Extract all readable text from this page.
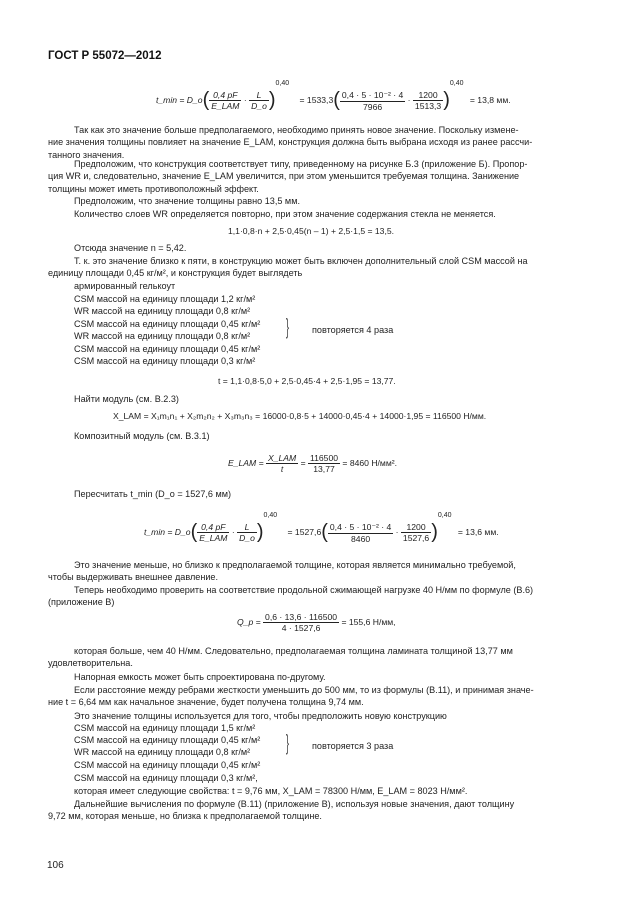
ГОСТ Р 55072—2012
t_min = D_o( $\frac{0,4 pF}{\text{E\_LAM}} \cdot \frac{L}{D\_o} )^{0,40} = 1533,3( \frac{\text{0,4 · 5 · 10⁻² · 4}}{7966} \cdot \frac{1200}{1513,3} )^{0,40} = 13,8$ мм.
Так как это значение больше предполагаемого, необходимо принять новое значение. Поскольку измене-
ние значения толщины повлияет на значение E_LAM, конструкция должна быть выбрана исходя из ранее рассчи-
танного значения.
Предположим, что конструкция соответствует типу, приведенному на рисунке Б.3 (приложение Б). Пропор-
ция WR и, следовательно, значение E_LAM увеличится, при этом уменьшится требуемая толщина. Занижение
толщины может иметь противоположный эффект.
Предположим, что значение толщины равно 13,5 мм.
Количество слоев WR определяется повторно, при этом значение содержания стекла не меняется.
1,1·0,8·n + 2,5·0,45(n – 1) + 2,5·1,5 = 13,5.
Отсюда значение n = 5,42.
Т. к. это значение близко к пяти, в конструкцию может быть включен дополнительный слой CSM массой на
единицу площади 0,45 кг/м², и конструкция будет выглядеть
армированный гелькоут
CSM массой на единицу площади 1,2 кг/м²
WR массой на единицу площади 0,8 кг/м²
CSM массой на единицу площади 0,45 кг/м²
WR массой на единицу площади 0,8 кг/м²
CSM массой на единицу площади 0,45 кг/м²
CSM массой на единицу площади 0,3 кг/м²
}	повторяется 4 раза
t = 1,1·0,8·5,0 + 2,5·0,45·4 + 2,5·1,95 = 13,77.
Найти модуль (см. В.2.3)
X_LAM = X₁m₁n₁ + X₂m₂n₂ + X₃m₃n₃ = 16000·0,8·5 + 14000·0,45·4 + 14000·1,95 = 116500 Н/мм.
Композитный модуль (см. В.3.1)
E_LAM = $\frac{\text{X\_LAM}}{t} = \frac{116500}{13,77} = 8460$ Н/мм².
Пересчитать t_min (D_o = 1527,6 мм)
t_min = D_o( $\frac{0,4 pF}{\text{E\_LAM}} \cdot \frac{L}{D\_o} )^{0,40} = 1527,6( \frac{\text{0,4 · 5 · 10⁻² · 4}}{8460} \cdot \frac{1200}{1527,6} )^{0,40} = 13,6$ мм.
Это значение меньше, но близко к предполагаемой толщине, которая является минимально требуемой,
чтобы выдерживать внешнее давление.
Теперь необходимо проверить на соответствие продольной сжимающей нагрузке 40 Н/мм по формуле (В.6)
(приложение В)
Q_p = $\frac{0,6 \cdot 13,6 \cdot 116500}{4 \cdot 1527,6} = 155,6$ Н/мм,
которая больше, чем 40 Н/мм. Следовательно, предполагаемая толщина ламината толщиной 13,77 мм
удовлетворительна.
Напорная емкость может быть спроектирована по-другому.
Если расстояние между ребрами жесткости уменьшить до 500 мм, то из формулы (В.11), и принимая значе-
ние t = 6,64 мм как начальное значение, будет получена толщина 9,74 мм.
Это значение толщины используется для того, чтобы предположить новую конструкцию
CSM массой на единицу площади 1,5 кг/м²
CSM массой на единицу площади 0,45 кг/м²
WR массой на единицу площади 0,8 кг/м²
CSM массой на единицу площади 0,45 кг/м²
CSM массой на единицу площади 0,3 кг/м²,
}	повторяется 3 раза
которая имеет следующие свойства: t = 9,76 мм, X_LAM = 78300 Н/мм, E_LAM = 8023 Н/мм².
Дальнейшие вычисления по формуле (В.11) (приложение В), используя новые значения, дают толщину
9,72 мм, которая меньше, но близка к предполагаемой толщине.
106
